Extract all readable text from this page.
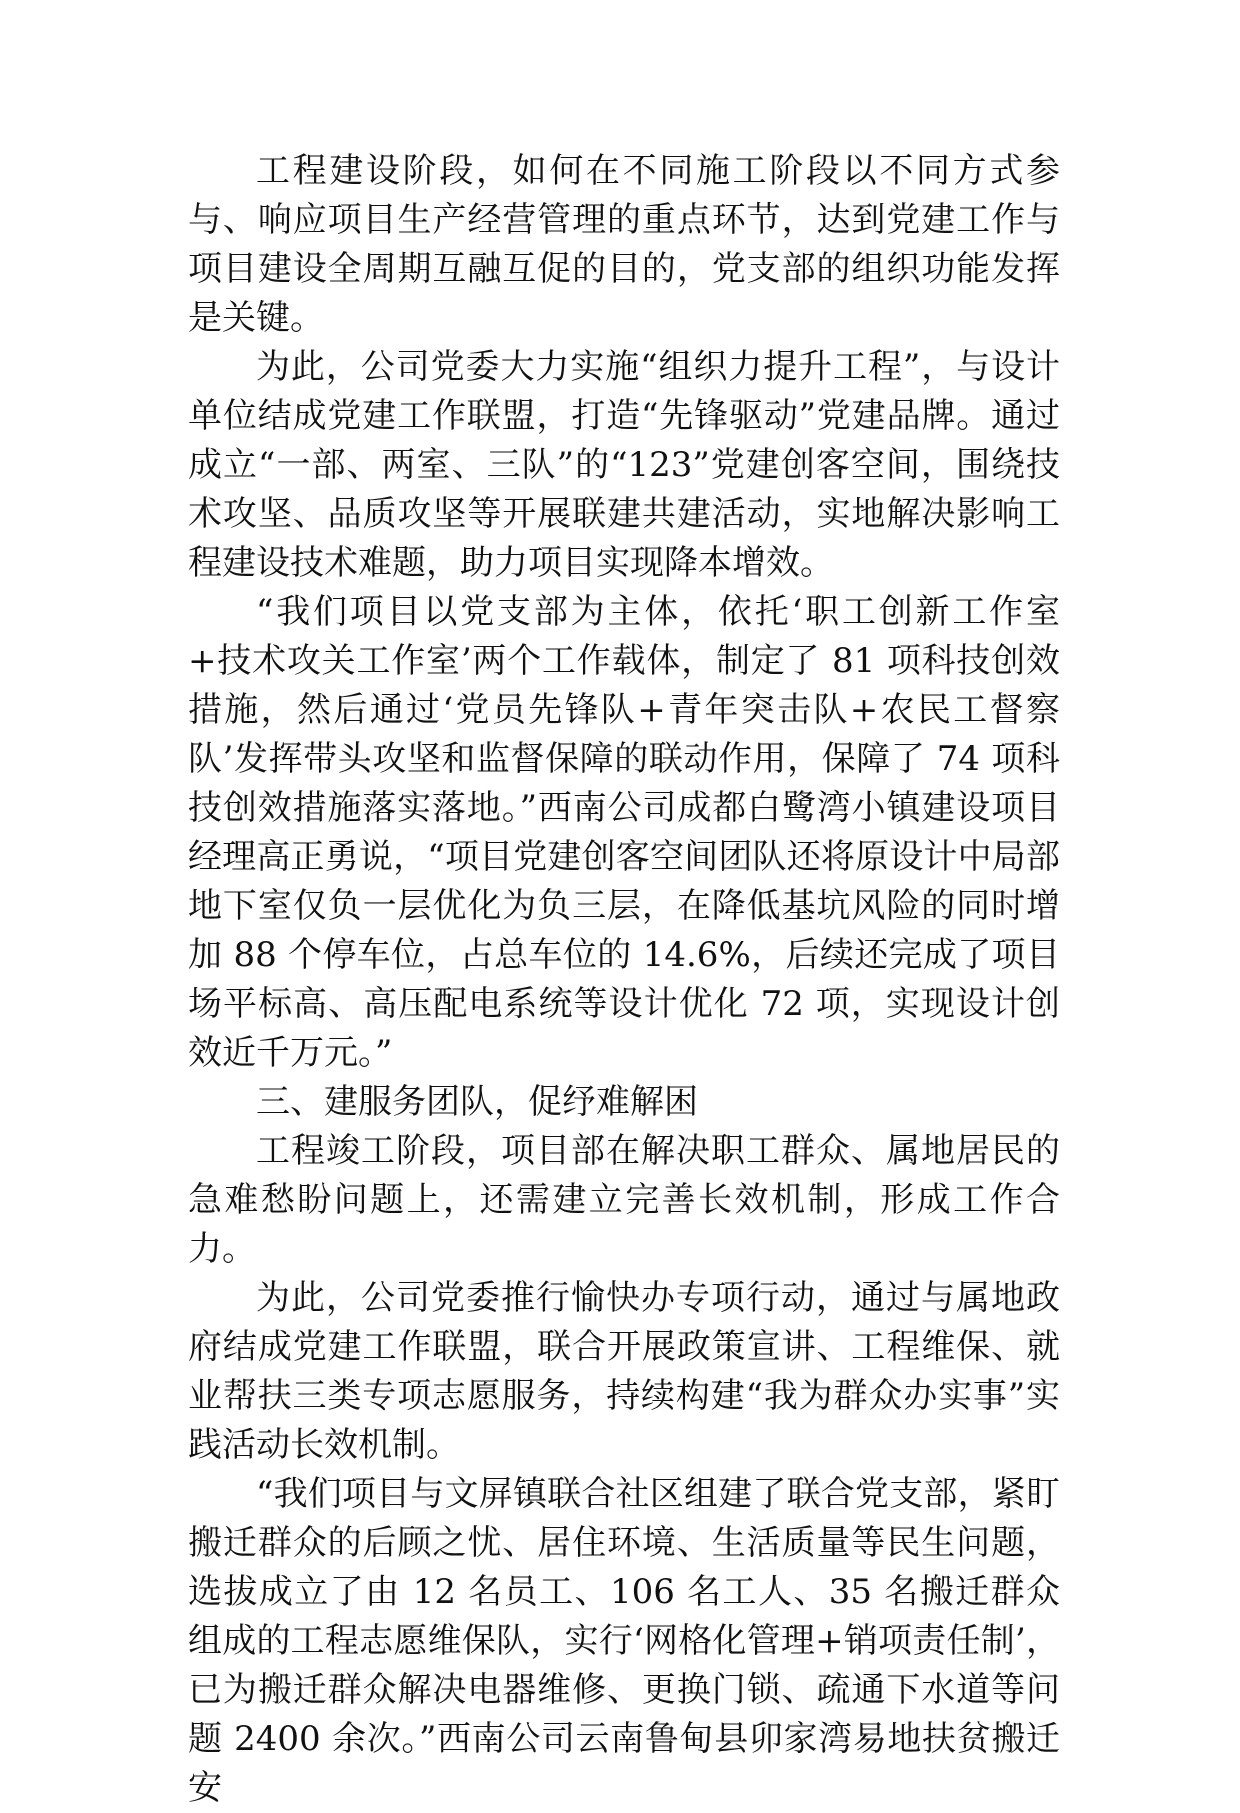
工程建设阶段，如何在不同施工阶段以不同方式参与、响应项目生产经营管理的重点环节，达到党建工作与项目建设全周期互融互促的目的，党支部的组织功能发挥是关键。

为此，公司党委大力实施“组织力提升工程”，与设计单位结成党建工作联盟，打造“先锋驱动”党建品牌。通过成立“一部、两室、三队”的“123”党建创客空间，围绕技术攻坚、品质攻坚等开展联建共建活动，实地解决影响工程建设技术难题，助力项目实现降本增效。

“我们项目以党支部为主体，依托‘职工创新工作室+技术攻关工作室’两个工作载体，制定了 81 项科技创效措施，然后通过‘党员先锋队+青年突击队+农民工督察队’发挥带头攻坚和监督保障的联动作用，保障了 74 项科技创效措施落实落地。”西南公司成都白鹭湾小镇建设项目经理高正勇说，“项目党建创客空间团队还将原设计中局部地下室仅负一层优化为负三层，在降低基坑风险的同时增加 88 个停车位，占总车位的 14.6%，后续还完成了项目场平标高、高压配电系统等设计优化 72 项，实现设计创效近千万元。”

三、建服务团队，促纾难解困

工程竣工阶段，项目部在解决职工群众、属地居民的急难愁盼问题上，还需建立完善长效机制，形成工作合力。

为此，公司党委推行愉快办专项行动，通过与属地政府结成党建工作联盟，联合开展政策宣讲、工程维保、就业帮扶三类专项志愿服务，持续构建“我为群众办实事”实践活动长效机制。

“我们项目与文屏镇联合社区组建了联合党支部，紧盯搬迁群众的后顾之忧、居住环境、生活质量等民生问题，选拔成立了由 12 名员工、106 名工人、35 名搬迁群众组成的工程志愿维保队，实行‘网格化管理+销项责任制’，已为搬迁群众解决电器维修、更换门锁、疏通下水道等问题 2400 余次。”西南公司云南鲁甸县卯家湾易地扶贫搬迁安
